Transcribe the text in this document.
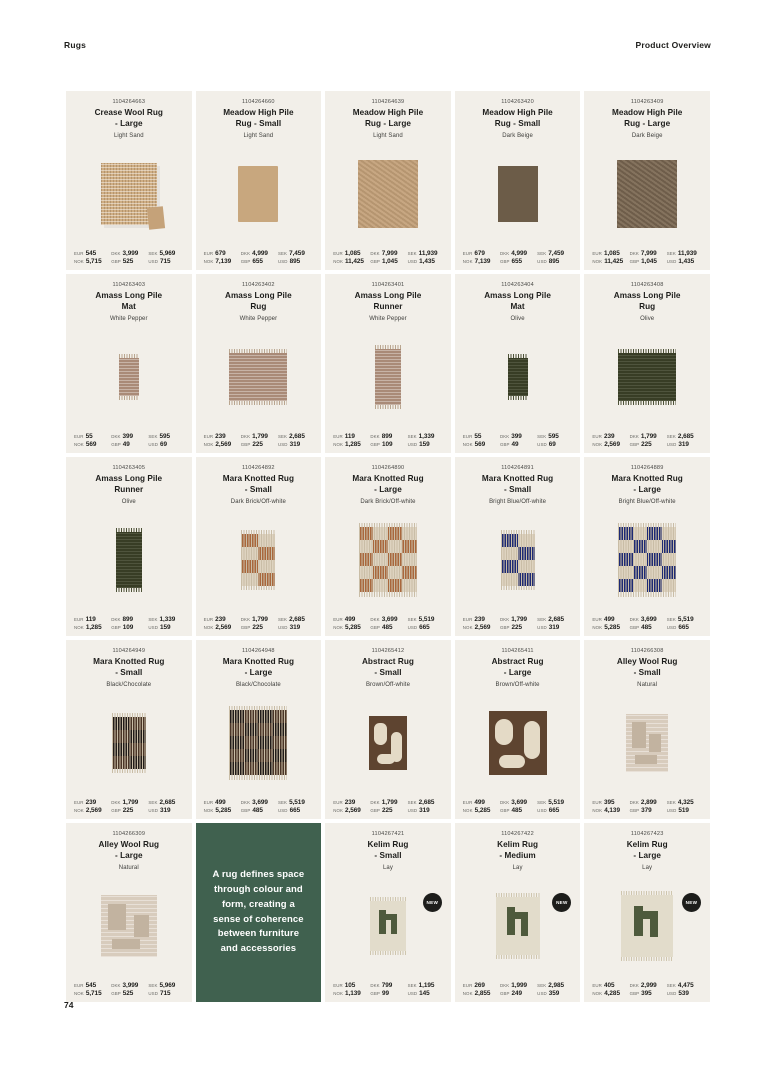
Rugs	Product Overview
1104264663
Crease Wool Rug
- Large
Light Sand
EUR 545	DKK 3,999 SEK 5,969
NOK 5,715 GBP 525	USD 715
1104264660
Meadow High Pile
Rug - Small
Light Sand
EUR 679	DKK 4,999 SEK 7,459
NOK 7,139 GBP 655	USD 895
1104264639
Meadow High Pile
Rug - Large
Light Sand
EUR 1,085 DKK 7,999 SEK 11,939
NOK 11,425 GBP 1,045 USD 1,435
1104263420
Meadow High Pile
Rug - Small
Dark Beige
EUR 679	DKK 4,999 SEK 7,459
NOK 7,139 GBP 655	USD 895
1104263409
Meadow High Pile
Rug - Large
Dark Beige
EUR 1,085 DKK 7,999 SEK 11,939
NOK 11,425 GBP 1,045 USD 1,435
1104263403
Amass Long Pile
Mat
White Pepper
EUR 55	DKK 399	SEK 595
NOK 569	GBP 49	USD 69
1104263402
Amass Long Pile
Rug
White Pepper
EUR 239	DKK 1,799 SEK 2,685
NOK 2,569 GBP 225	USD 319
1104263401
Amass Long Pile
Runner
White Pepper
EUR 119	DKK 899	SEK 1,339
NOK 1,285 GBP 109	USD 159
1104263404
Amass Long Pile
Mat
Olive
EUR 55	DKK 399	SEK 595
NOK 569	GBP 49	USD 69
1104263408
Amass Long Pile
Rug
Olive
EUR 239	DKK 1,799 SEK 2,685
NOK 2,569 GBP 225	USD 319
1104263405
Amass Long Pile
Runner
Olive
EUR 119	DKK 899	SEK 1,339
NOK 1,285 GBP 109	USD 159
1104264892
Mara Knotted Rug
- Small
Dark Brick/Off-white
EUR 239	DKK 1,799 SEK 2,685
NOK 2,569 GBP 225	USD 319
1104264890
Mara Knotted Rug
- Large
Dark Brick/Off-white
EUR 499	DKK 3,699 SEK 5,519
NOK 5,285 GBP 485	USD 665
1104264891
Mara Knotted Rug
- Small
Bright Blue/Off-white
EUR 239	DKK 1,799 SEK 2,685
NOK 2,569 GBP 225	USD 319
1104264889
Mara Knotted Rug
- Large
Bright Blue/Off-white
EUR 499	DKK 3,699 SEK 5,519
NOK 5,285 GBP 485	USD 665
1104264949
Mara Knotted Rug
- Small
Black/Chocolate
EUR 239	DKK 1,799 SEK 2,685
NOK 2,569 GBP 225	USD 319
1104264948
Mara Knotted Rug
- Large
Black/Chocolate
EUR 499	DKK 3,699 SEK 5,519
NOK 5,285 GBP 485	USD 665
1104265412
Abstract Rug
- Small
Brown/Off-white
EUR 239	DKK 1,799 SEK 2,685
NOK 2,569 GBP 225	USD 319
1104265411
Abstract Rug
- Large
Brown/Off-white
EUR 499	DKK 3,699 SEK 5,519
NOK 5,285 GBP 485	USD 665
1104266308
Alley Wool Rug
- Small
Natural
EUR 395	DKK 2,899 SEK 4,325
NOK 4,139 GBP 379	USD 519
1104266309
Alley Wool Rug
- Large
Natural
EUR 545	DKK 3,999 SEK 5,969
NOK 5,715 GBP 525	USD 715
A rug defines space through colour and form, creating a sense of coherence between furniture and accessories
NEW
1104267421
Kelim Rug
- Small
Lay
EUR 105	DKK 799	SEK 1,195
NOK 1,139 GBP 99	USD 145
NEW
1104267422
Kelim Rug
- Medium
Lay
EUR 269	DKK 1,999 SEK 2,985
NOK 2,855 GBP 249	USD 359
NEW
1104267423
Kelim Rug
- Large
Lay
EUR 405	DKK 2,999 SEK 4,475
NOK 4,285 GBP 395	USD 539
74
